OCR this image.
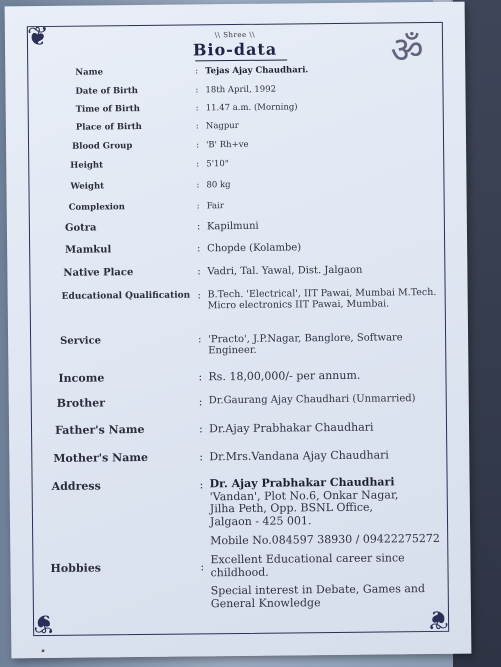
❦
❦	❦
ॐ
\\ Shree \\
Bio-data
Name	: Tejas Ajay Chaudhari.
Date of Birth	: 18th April, 1992
Time of Birth	: 11.47 a.m. (Morning)
Place of Birth	: Nagpur
Blood Group	: 'B' Rh+ve
Height	: 5'10"
Weight	: 80 kg
Complexion	: Fair
Gotra	: Kapilmuni
Mamkul	: Chopde (Kolambe)
Native Place	: Vadri, Tal. Yawal, Dist. Jalgaon
Educational Qualification : B.Tech. 'Electrical', IIT Pawai, Mumbai M.Tech. Micro electronics IIT Pawai, Mumbai.
Service	: 'Practo', J.P.Nagar, Banglore, Software Engineer.
Income	: Rs. 18,00,000/- per annum.
Brother	: Dr.Gaurang Ajay Chaudhari (Unmarried)
Father's Name	: Dr.Ajay Prabhakar Chaudhari
Mother's Name	: Dr.Mrs.Vandana Ajay Chaudhari
Address	: Dr. Ajay Prabhakar Chaudhari
'Vandan', Plot No.6, Onkar Nagar,
Jilha Peth, Opp. BSNL Office,
Jalgaon - 425 001.
Mobile No.084597 38930 / 09422275272
Hobbies	:
Excellent Educational career since childhood.
Special interest in Debate, Games and General Knowledge
▪
